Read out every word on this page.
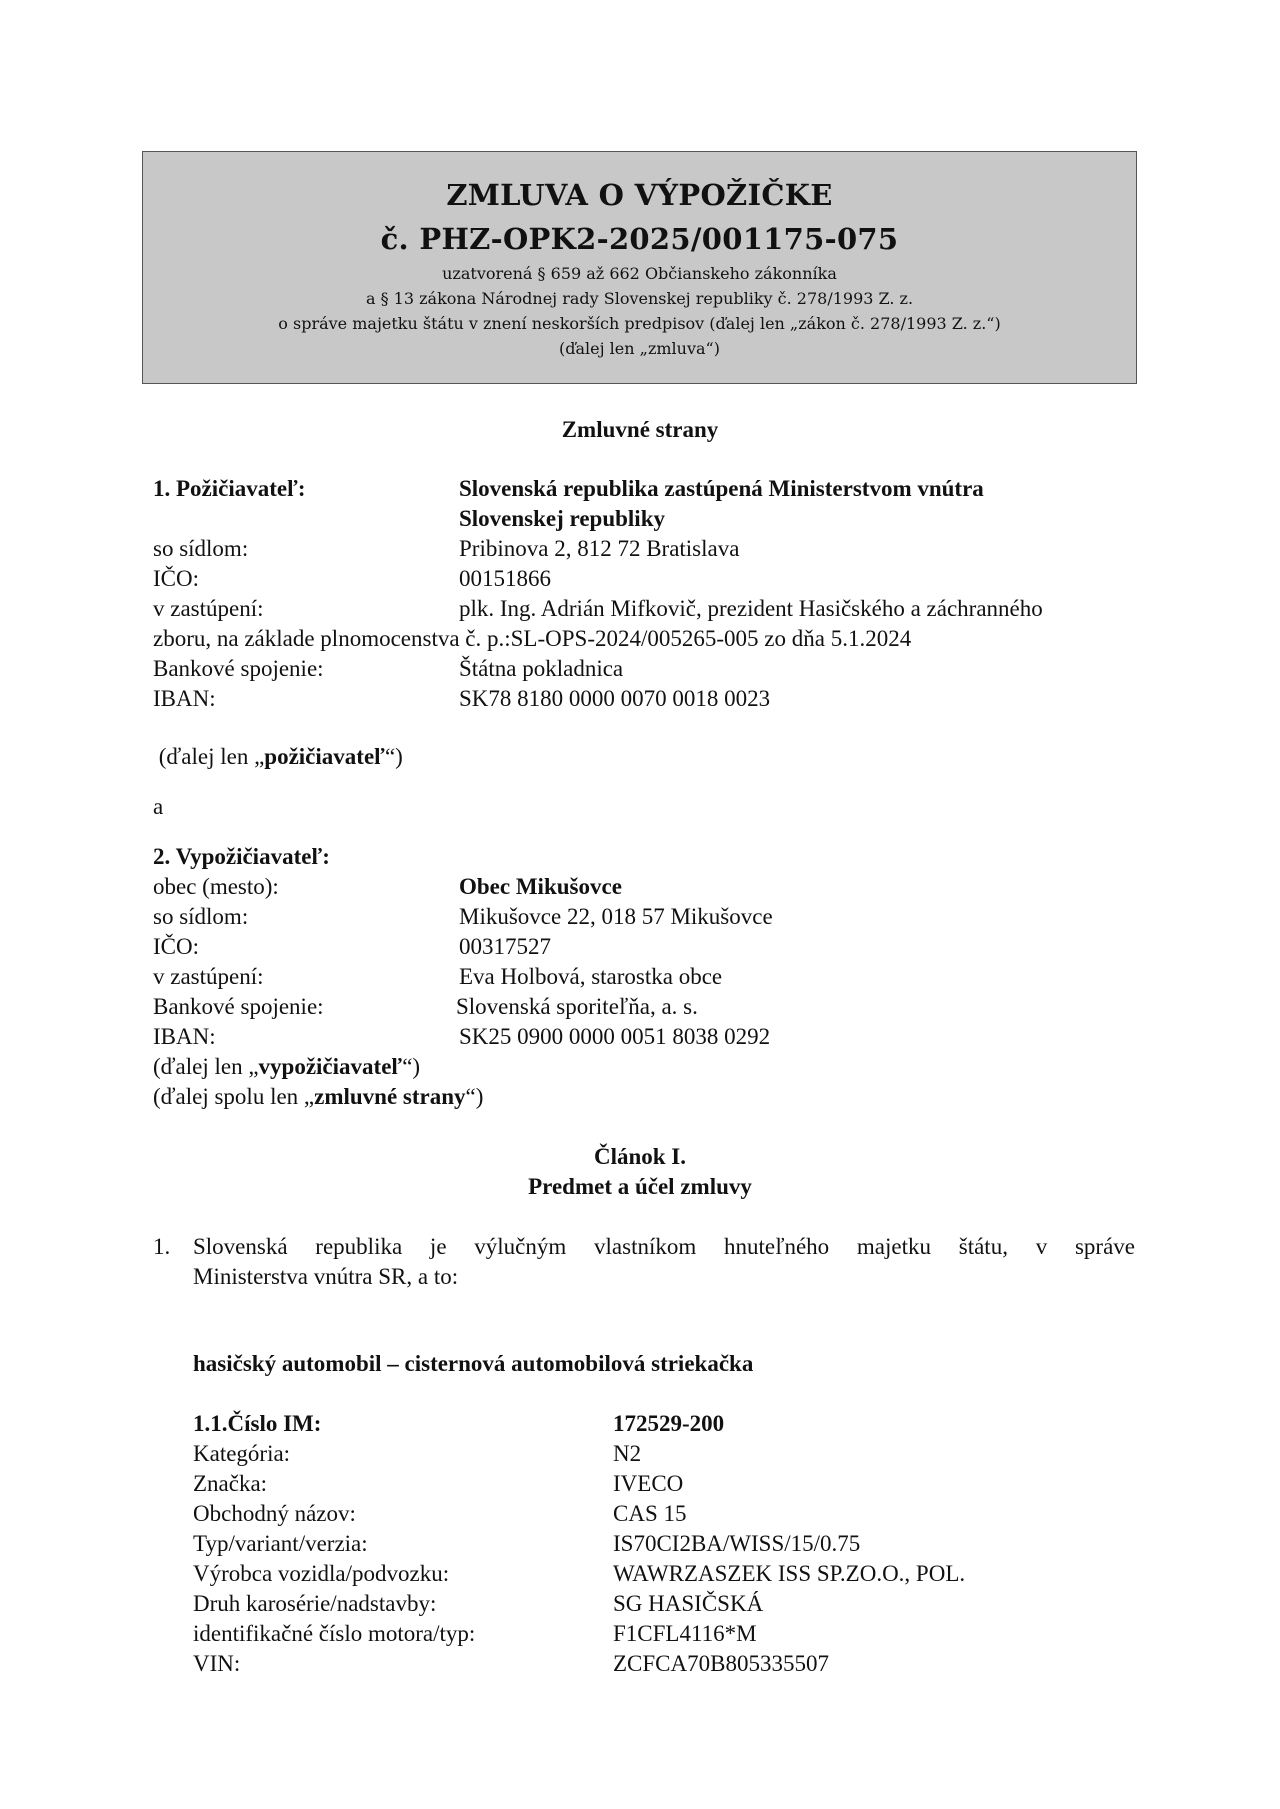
ZMLUVA O VÝPOŽIČKE
č. PHZ-OPK2-2025/001175-075
uzatvorená § 659 až 662 Občianskeho zákonníka
a § 13 zákona Národnej rady Slovenskej republiky č. 278/1993 Z. z.
o správe majetku štátu v znení neskorších predpisov (ďalej len „zákon č. 278/1993 Z. z.“)
(ďalej len „zmluva“)
Zmluvné strany
1. Požičiavateľ:	Slovenská republika zastúpená Ministerstvom vnútra
Slovenskej republiky
so sídlom:	Pribinova 2, 812 72 Bratislava
IČO:	00151866
v zastúpení:	plk. Ing. Adrián Mifkovič, prezident Hasičského a záchranného
zboru, na základe plnomocenstva č. p.:SL-OPS-2024/005265-005 zo dňa 5.1.2024
Bankové spojenie:	Štátna pokladnica
IBAN:	SK78 8180 0000 0070 0018 0023
(ďalej len „požičiavateľ“)
a
2. Vypožičiavateľ:
obec (mesto):	Obec Mikušovce
so sídlom:	Mikušovce 22, 018 57 Mikušovce
IČO:	00317527
v zastúpení:	Eva Holbová, starostka obce
Bankové spojenie:	Slovenská sporiteľňa, a. s.
IBAN:	SK25 0900 0000 0051 8038 0292
(ďalej len „vypožičiavateľ“)
(ďalej spolu len „zmluvné strany“)
Článok I.
Predmet a účel zmluvy
1. Slovenská republika je výlučným vlastníkom hnuteľného majetku štátu, v správe
Ministerstva vnútra SR, a to:
hasičský automobil – cisternová automobilová striekačka
1.1.Číslo IM:	172529-200
Kategória:	N2
Značka:	IVECO
Obchodný názov:	CAS 15
Typ/variant/verzia:	IS70CI2BA/WISS/15/0.75
Výrobca vozidla/podvozku:	WAWRZASZEK ISS SP.ZO.O., POL.
Druh karosérie/nadstavby:	SG HASIČSKÁ
identifikačné číslo motora/typ:	F1CFL4116*M
VIN:	ZCFCA70B805335507
